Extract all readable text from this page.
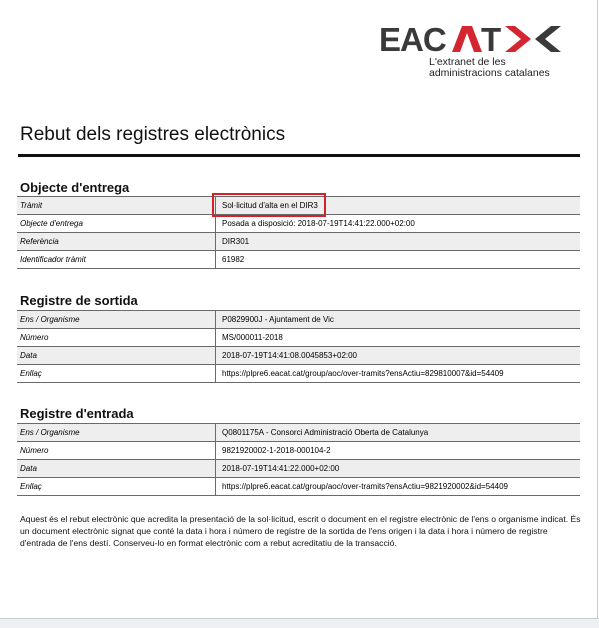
EAC T
L'extranet de les
administracions catalanes
Rebut dels registres electrònics
Objecte d'entrega
Tràmit	Sol·licitud d'alta en el DIR3
Objecte d'entrega	Posada a disposició: 2018-07-19T14:41:22.000+02:00
Referència	DIR301
Identificador tràmit	61982
Registre de sortida
Ens / Organisme	P0829900J - Ajuntament de Vic
Número	MS/000011-2018
Data	2018-07-19T14:41:08.0045853+02:00
Enllaç	https://plpre6.eacat.cat/group/aoc/over-tramits?ensActiu=829810007&id=54409
Registre d'entrada
Ens / Organisme	Q0801175A - Consorci Administració Oberta de Catalunya
Número	9821920002-1-2018-000104-2
Data	2018-07-19T14:41:22.000+02:00
Enllaç	https://plpre6.eacat.cat/group/aoc/over-tramits?ensActiu=9821920002&id=54409
Aquest és el rebut electrònic que acredita la presentació de la sol·licitud, escrit o document en el registre electrònic de l'ens o organisme indicat. És un document electrònic signat que conté la data i hora i número de registre de la sortida de l'ens origen i la data i hora i número de registre d'entrada de l'ens destí. Conserveu-lo en format electrònic com a rebut acreditatiu de la transacció.
